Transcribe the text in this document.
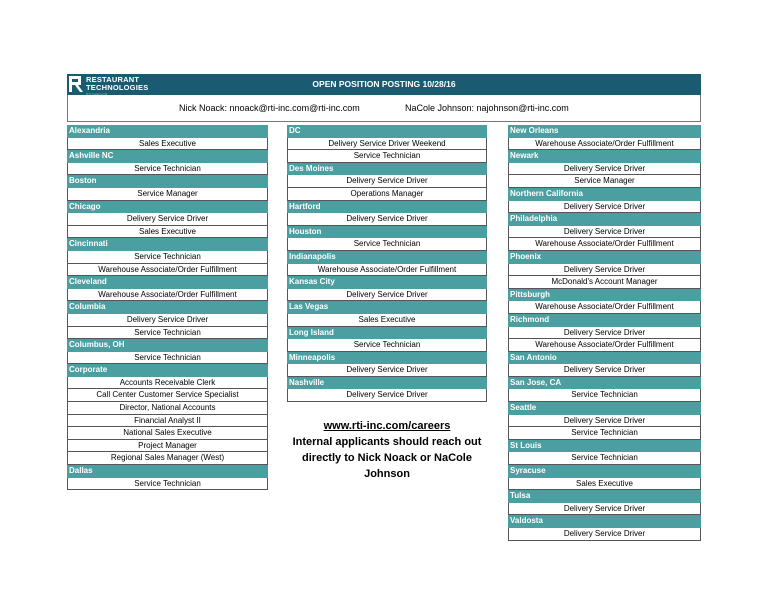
RESTAURANT
TECHNOLOGIES
RTI Cooking Oil
OPEN POSITION POSTING 10/28/16
Nick Noack: nnoack@rti-inc.com@rti-inc.com	NaCole Johnson: najohnson@rti-inc.com
Alexandria
Sales Executive
Ashville NC
Service Technician
Boston
Service Manager
Chicago
Delivery Service Driver
Sales Executive
Cincinnati
Service Technician
Warehouse Associate/Order Fulfillment
Cleveland
Warehouse Associate/Order Fulfillment
Columbia
Delivery Service Driver
Service Technician
Columbus, OH
Service Technician
Corporate
Accounts Receivable Clerk
Call Center Customer Service Specialist
Director, National Accounts
Financial Analyst II
National Sales Executive
Project Manager
Regional Sales Manager (West)
Dallas
Service Technician
DC
Delivery Service Driver Weekend
Service Technician
Des Moines
Delivery Service Driver
Operations Manager
Hartford
Delivery Service Driver
Houston
Service Technician
Indianapolis
Warehouse Associate/Order Fulfillment
Kansas City
Delivery Service Driver
Las Vegas
Sales Executive
Long Island
Service Technician
Minneapolis
Delivery Service Driver
Nashville
Delivery Service Driver
New Orleans
Warehouse Associate/Order Fulfillment
Newark
Delivery Service Driver
Service Manager
Northern California
Delivery Service Driver
Philadelphia
Delivery Service Driver
Warehouse Associate/Order Fulfillment
Phoenix
Delivery Service Driver
McDonald's Account Manager
Pittsburgh
Warehouse Associate/Order Fulfillment
Richmond
Delivery Service Driver
Warehouse Associate/Order Fulfillment
San Antonio
Delivery Service Driver
San Jose, CA
Service Technician
Seattle
Delivery Service Driver
Service Technician
St Louis
Service Technician
Syracuse
Sales Executive
Tulsa
Delivery Service Driver
Valdosta
Delivery Service Driver
www.rti-inc.com/careers
Internal applicants should reach out
directly to Nick Noack or NaCole
Johnson
